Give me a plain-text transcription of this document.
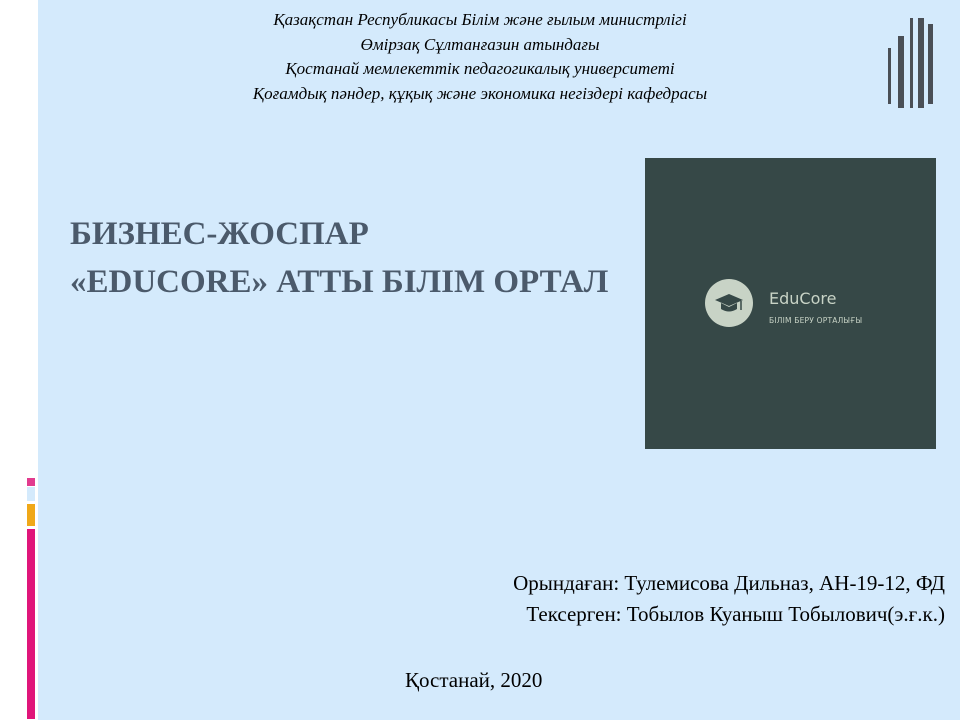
Қазақстан Республикасы Білім және ғылым министрлігі
Өмірзақ Сұлтанғазин атындағы
Қостанай мемлекеттік педагогикалық университеті
Қоғамдық пәндер, құқық және экономика негіздері кафедрасы
БИЗНЕС-ЖОСПАР
«EDUCORE» АТТЫ БІЛІМ ОРТАЛ	EduCore
БІЛІМ БЕРУ ОРТАЛЫҒЫ
Орындаған: Тулемисова Дильназ, АН-19-12, ФД
Тексерген: Тобылов Куаныш Тобылович(э.ғ.к.)
Қостанай, 2020
